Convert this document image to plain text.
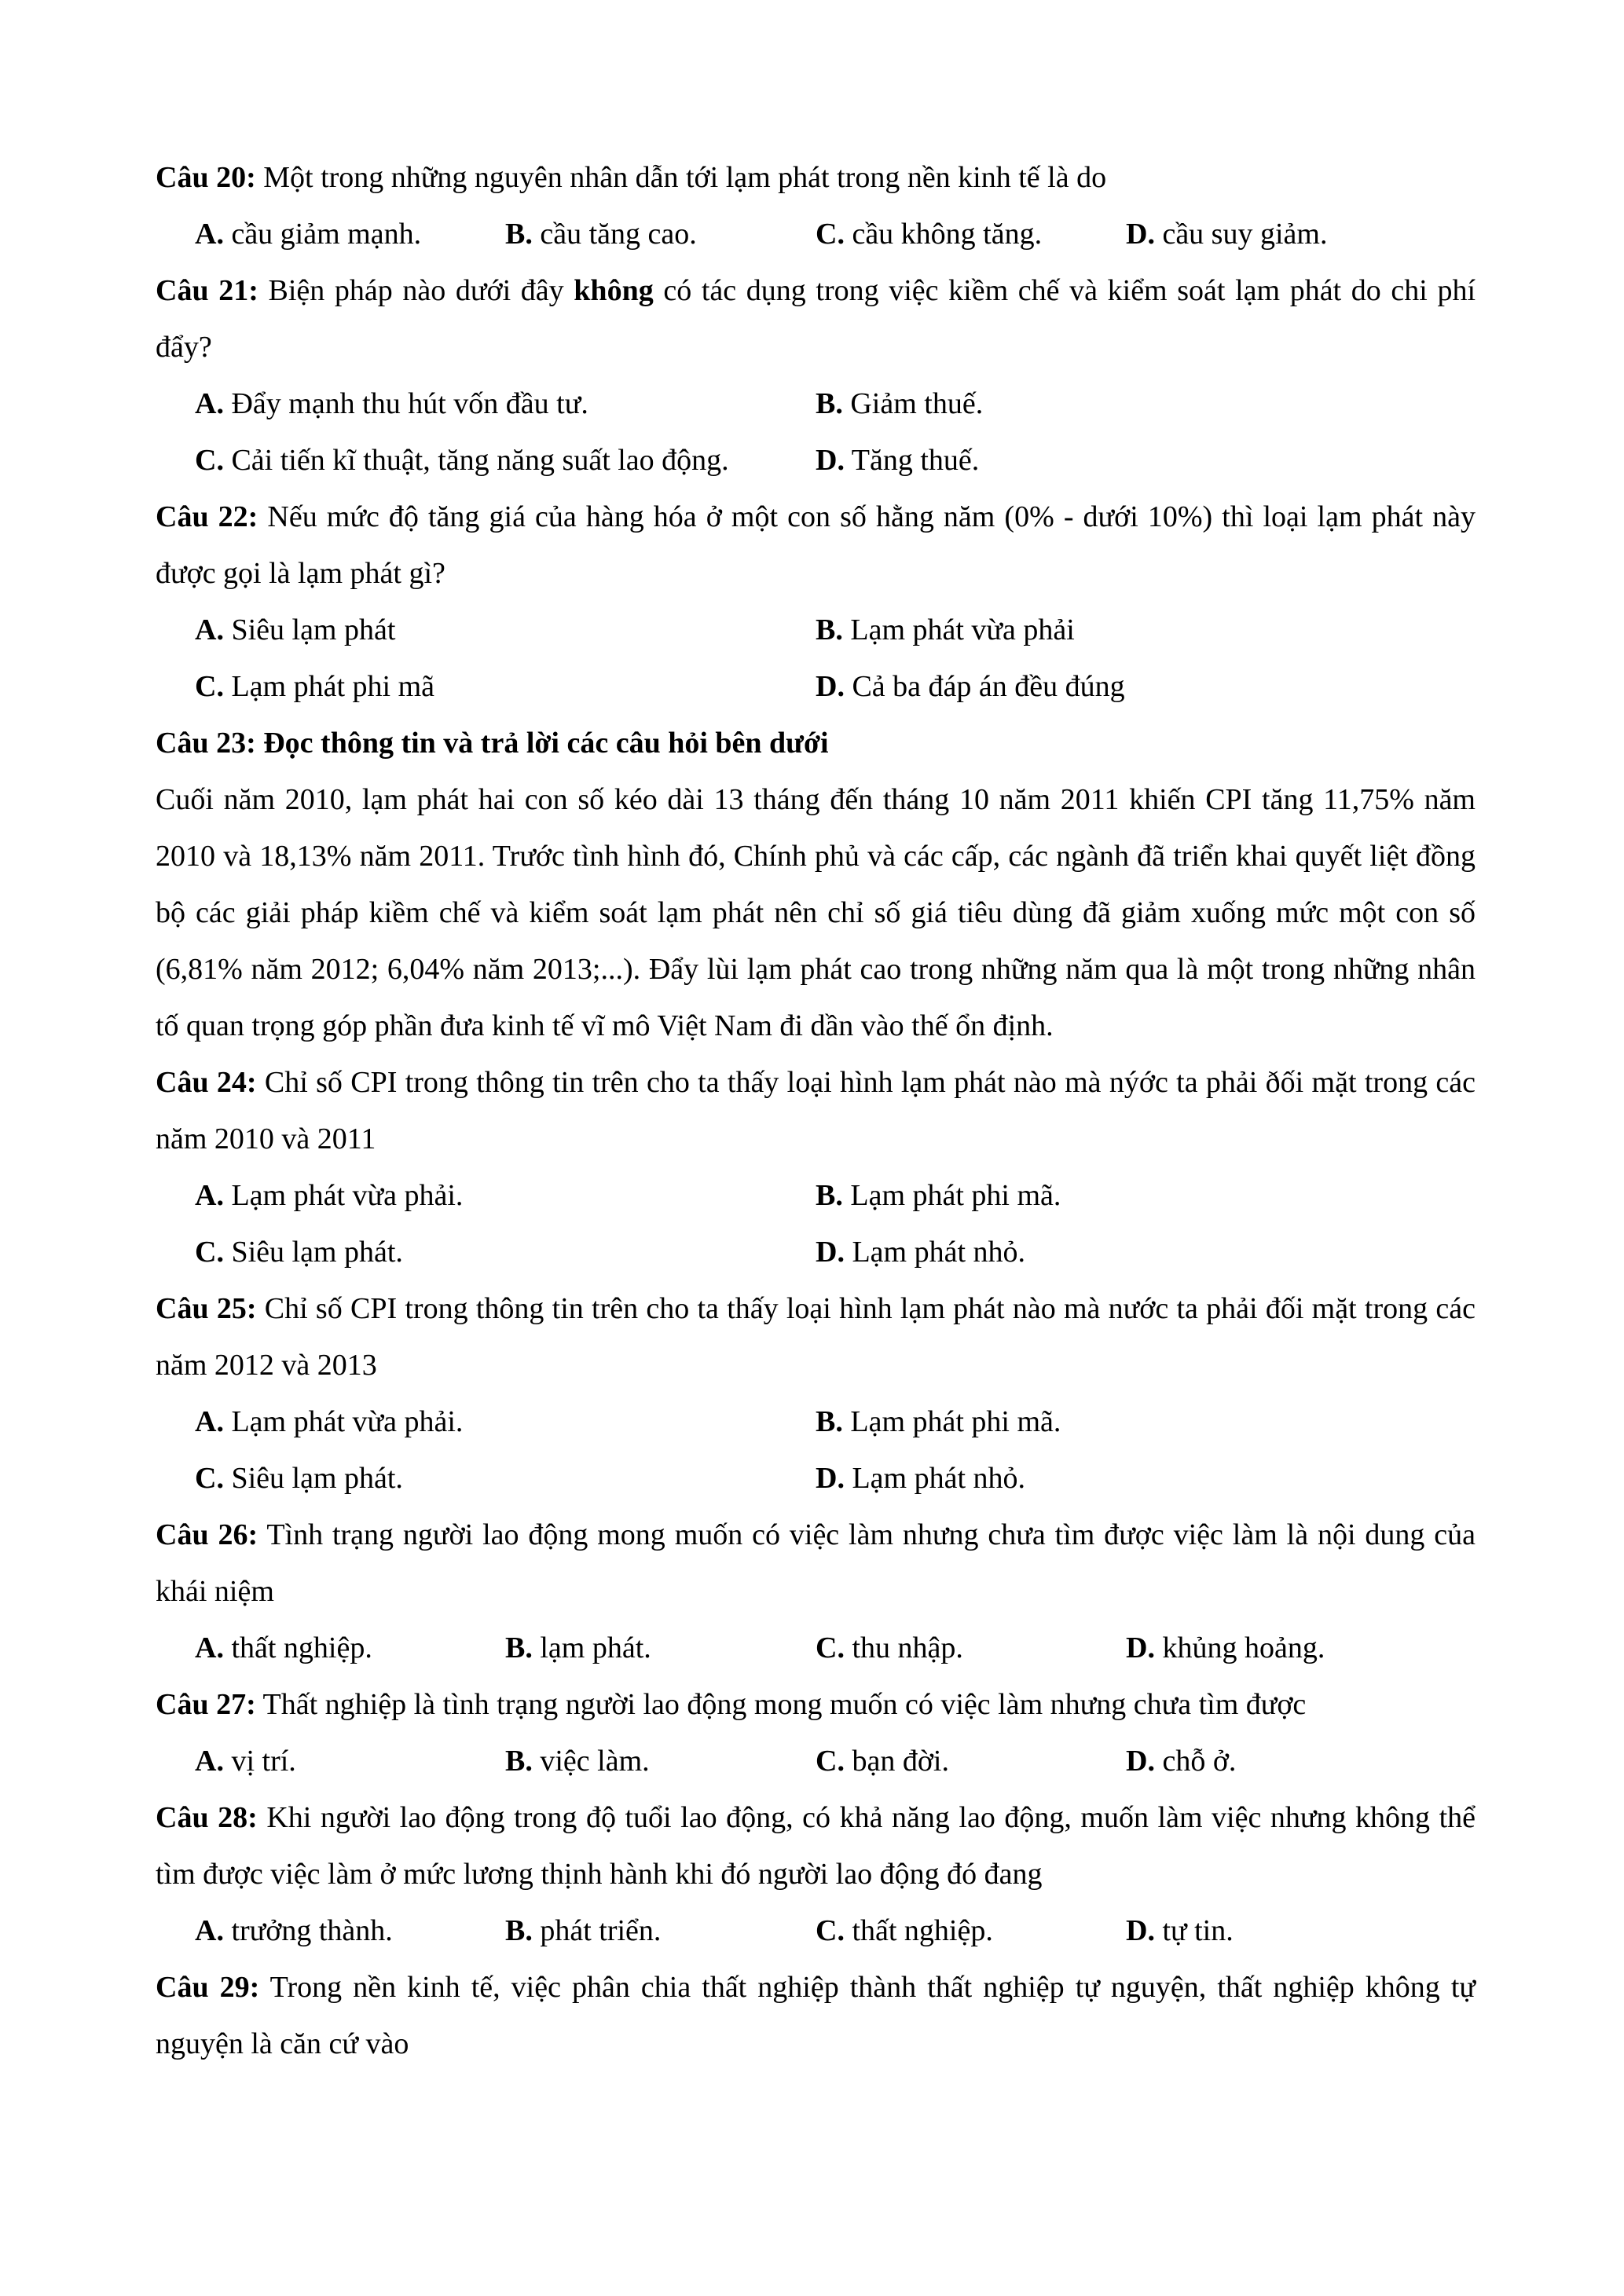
Câu 20: Một trong những nguyên nhân dẫn tới lạm phát trong nền kinh tế là do

A. cầu giảm mạnh.	B. cầu tăng cao.	C. cầu không tăng.	D. cầu suy giảm.

Câu 21: Biện pháp nào dưới đây không có tác dụng trong việc kiềm chế và kiểm soát lạm phát do chi phí đẩy?

A. Đẩy mạnh thu hút vốn đầu tư.	B. Giảm thuế.
C. Cải tiến kĩ thuật, tăng năng suất lao động.	D. Tăng thuế.

Câu 22: Nếu mức độ tăng giá của hàng hóa ở một con số hằng năm (0% - dưới 10%) thì loại lạm phát này được gọi là lạm phát gì?

A. Siêu lạm phát	B. Lạm phát vừa phải
C. Lạm phát phi mã	D. Cả ba đáp án đều đúng

Câu 23: Đọc thông tin và trả lời các câu hỏi bên dưới

Cuối năm 2010, lạm phát hai con số kéo dài 13 tháng đến tháng 10 năm 2011 khiến CPI tăng 11,75% năm 2010 và 18,13% năm 2011. Trước tình hình đó, Chính phủ và các cấp, các ngành đã triển khai quyết liệt đồng bộ các giải pháp kiềm chế và kiểm soát lạm phát nên chỉ số giá tiêu dùng đã giảm xuống mức một con số (6,81% năm 2012; 6,04% năm 2013;...). Đẩy lùi lạm phát cao trong những năm qua là một trong những nhân tố quan trọng góp phần đưa kinh tế vĩ mô Việt Nam đi dần vào thế ổn định.

Câu 24: Chỉ số CPI trong thông tin trên cho ta thấy loại hình lạm phát nào mà nýớc ta phải ðối mặt trong các năm 2010 và 2011

A. Lạm phát vừa phải.	B. Lạm phát phi mã.
C. Siêu lạm phát.	D. Lạm phát nhỏ.

Câu 25: Chỉ số CPI trong thông tin trên cho ta thấy loại hình lạm phát nào mà nước ta phải đối mặt trong các năm 2012 và 2013

A. Lạm phát vừa phải.	B. Lạm phát phi mã.
C. Siêu lạm phát.	D. Lạm phát nhỏ.

Câu 26: Tình trạng người lao động mong muốn có việc làm nhưng chưa tìm được việc làm là nội dung của khái niệm

A. thất nghiệp.	B. lạm phát.	C. thu nhập.	D. khủng hoảng.

Câu 27: Thất nghiệp là tình trạng người lao động mong muốn có việc làm nhưng chưa tìm được

A. vị trí.	B. việc làm.	C. bạn đời.	D. chỗ ở.

Câu 28: Khi người lao động trong độ tuổi lao động, có khả năng lao động, muốn làm việc nhưng không thể tìm được việc làm ở mức lương thịnh hành khi đó người lao động đó đang

A. trưởng thành.	B. phát triển.	C. thất nghiệp.	D. tự tin.

Câu 29: Trong nền kinh tế, việc phân chia thất nghiệp thành thất nghiệp tự nguyện, thất nghiệp không tự nguyện là căn cứ vào
